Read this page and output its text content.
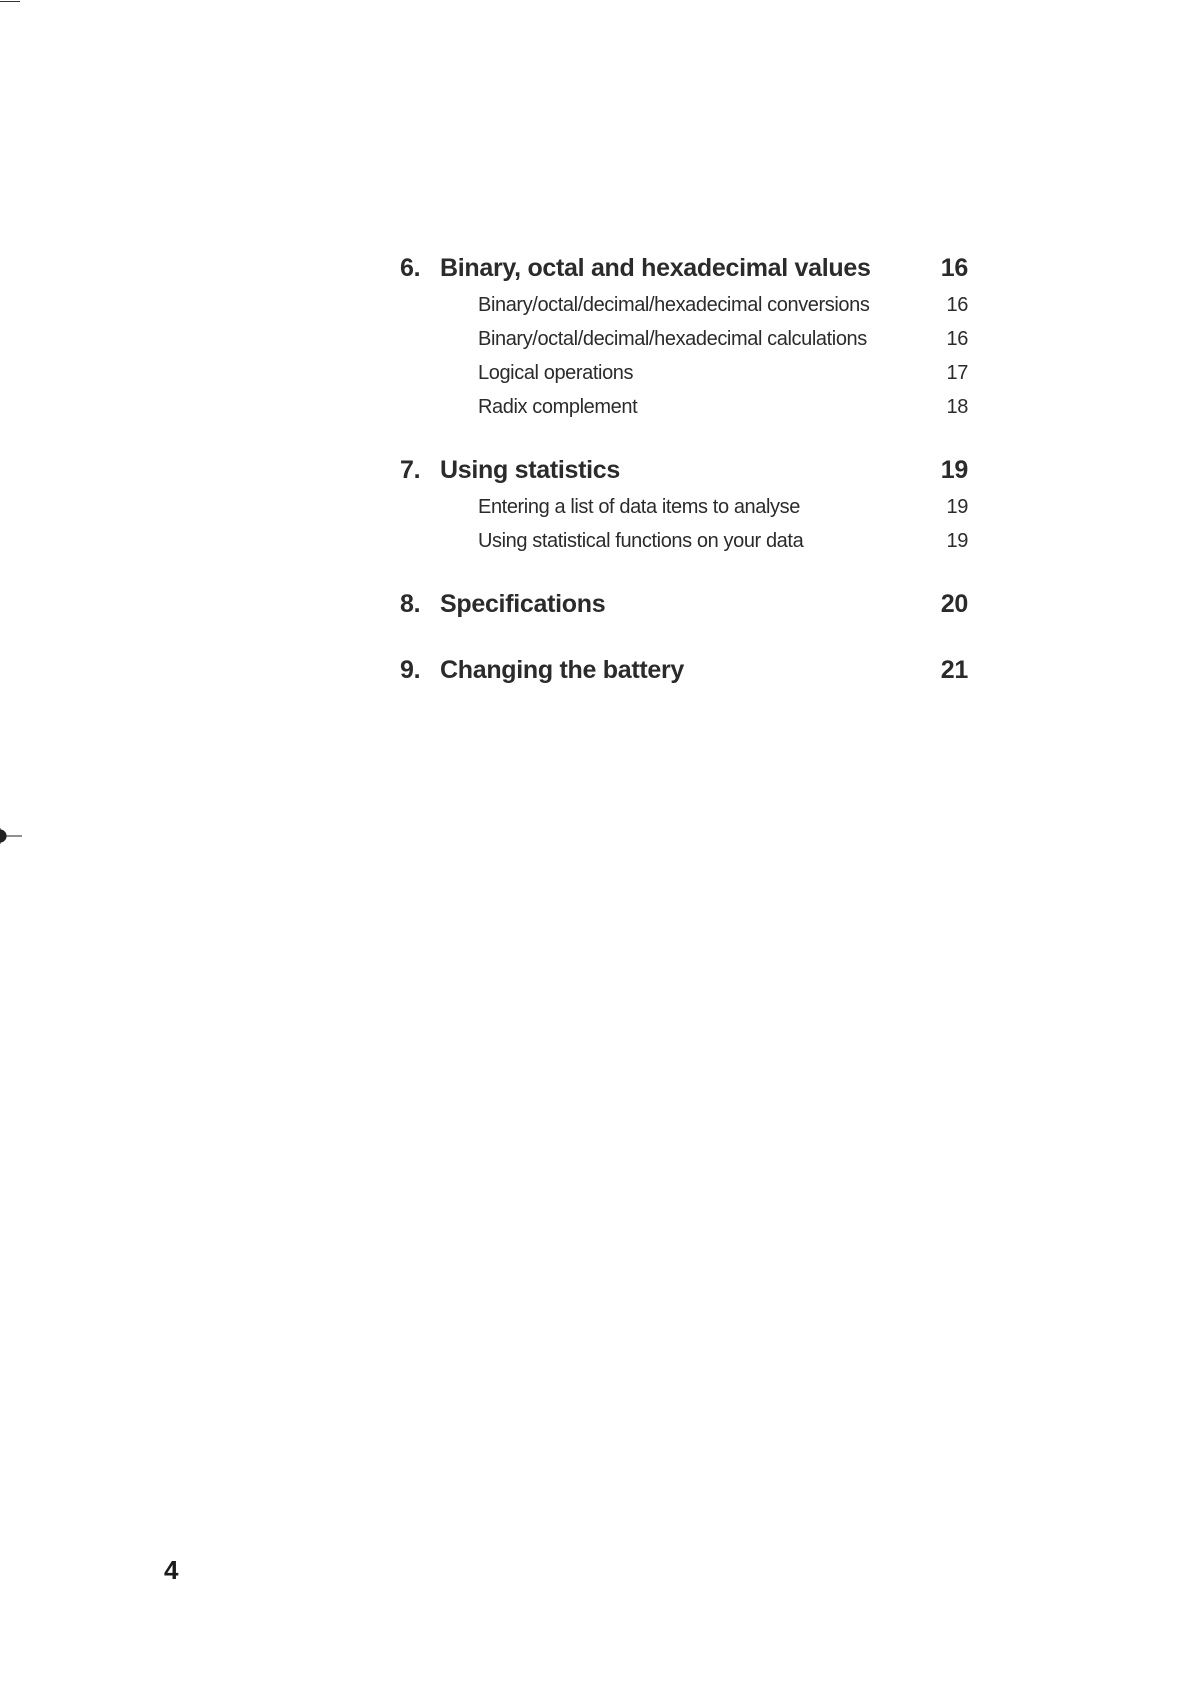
6. Binary, octal and hexadecimal values	16
Binary/octal/decimal/hexadecimal conversions	16
Binary/octal/decimal/hexadecimal calculations	16
Logical operations	17
Radix complement	18
7. Using statistics	19
Entering a list of data items to analyse	19
Using statistical functions on your data	19
8. Specifications	20
9. Changing the battery	21
4
